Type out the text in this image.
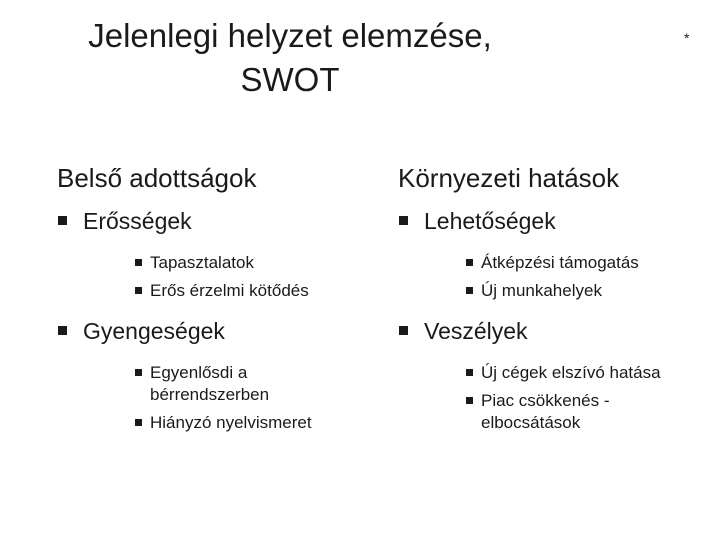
Jelenlegi helyzet elemzése,
SWOT
*
Belső adottságok
Erősségek
Tapasztalatok
Erős érzelmi kötődés
Gyengeségek
Egyenlősdi a bérrendszerben
Hiányzó nyelvismeret
Környezeti hatások
Lehetőségek
Átképzési támogatás
Új munkahelyek
Veszélyek
Új cégek elszívó hatása
Piac csökkenés - elbocsátások
